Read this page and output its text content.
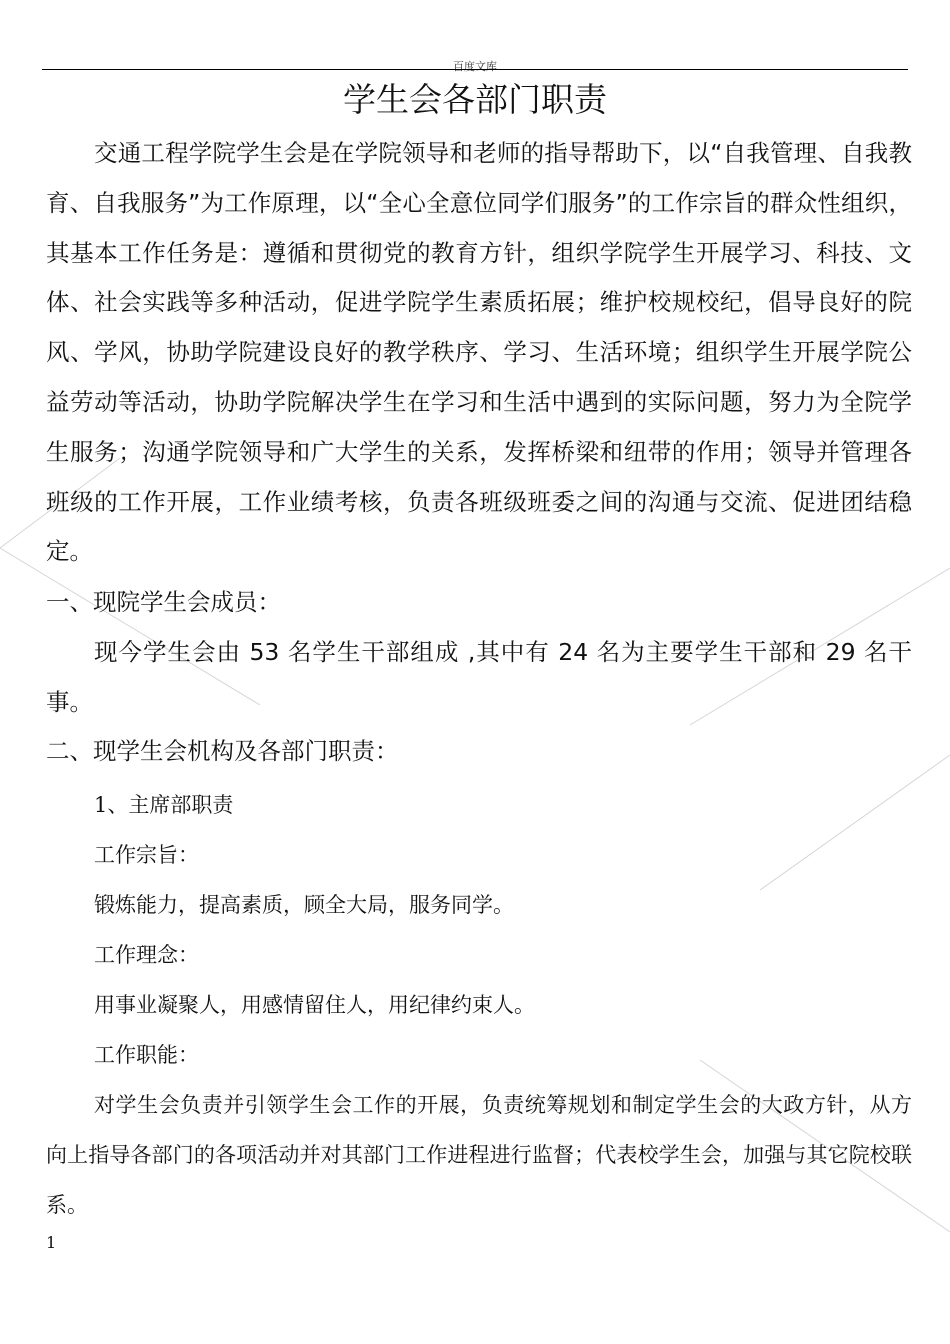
百度文库
学生会各部门职责

交通工程学院学生会是在学院领导和老师的指导帮助下，以“自我管理、自我教育、自我服务”为工作原理，以“全心全意位同学们服务”的工作宗旨的群众性组织，其基本工作任务是：遵循和贯彻党的教育方针，组织学院学生开展学习、科技、文体、社会实践等多种活动，促进学院学生素质拓展；维护校规校纪，倡导良好的院风、学风，协助学院建设良好的教学秩序、学习、生活环境；组织学生开展学院公益劳动等活动，协助学院解决学生在学习和生活中遇到的实际问题，努力为全院学生服务；沟通学院领导和广大学生的关系，发挥桥梁和纽带的作用；领导并管理各班级的工作开展，工作业绩考核，负责各班级班委之间的沟通与交流、促进团结稳定。

一、现院学生会成员：

现今学生会由 53 名学生干部组成 ,其中有 24 名为主要学生干部和 29 名干事。

二、现学生会机构及各部门职责：

1、主席部职责

工作宗旨：

锻炼能力，提高素质，顾全大局，服务同学。

工作理念：

用事业凝聚人，用感情留住人，用纪律约束人。

工作职能：

对学生会负责并引领学生会工作的开展，负责统筹规划和制定学生会的大政方针，从方向上指导各部门的各项活动并对其部门工作进程进行监督；代表校学生会，加强与其它院校联系。

1
